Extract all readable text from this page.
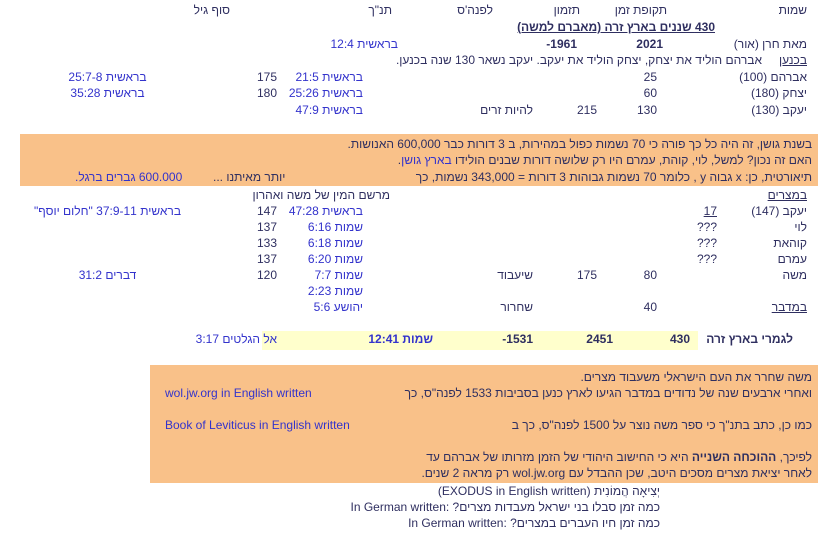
שמות
תקופת זמן
תזמון
לפנה'ס
תנ"ך
סוף גיל
430 שננים בארץ זרה (מאברם למשה)
מאת חרן (אור)
2021
-1961
בראשית 12:4
בכנען
אברהם הוליד את יצחק, יצחק הוליד את יעקב. יעקב נשאר 130 שנה בכנען.
אברהם (100)
25
בראשית 21:5
175
בראשית 25:7-8
יצחק (180)
60
בראשית 25:26
180
בראשית 35:28
יעקב (130)
130
215
להיות זרים
בראשית 47:9
בשנת גושן, זה היה כל כך פורה כי 70 נשמות כפול במהירות, ב 3 דורות כבר 600,000 האנושות.
האם זה נכון? למשל, לוי, קוהת, עמרם היו רק שלושה דורות שבנים הולידו בארץ גושן.
תיאורטית, כן: x גבוה y , כלומר 70 נשמות גבוהות 3 דורות = 343,000 נשמות, כך
יותר מאיתנו ...
600.000 גברים ברגל.
במצרים
מרשם המין של משה ואהרון
יעקב (147)
17
בראשית 47:28
147
בראשית 37:9-11 "חלום יוסף"
לוי
???
שמות 6:16
137
קוהאת
???
שמות 6:18
133
עמרם
???
שמות 6:20
137
משה
80
175
שיעבוד
שמות 7:7
120
דברים 31:2
שמות 2:23
במדבר
40
שחרור
יהושע 5:6
לגמרי בארץ זרה
430
2451
-1531
שמות 12:41
אל הגלטים 3:17
משה שחרר את העם הישראלי משעבוד מצרים.
ואחרי ארבעים שנה של נדודים במדבר הגיעו לארץ כנען בסביבות 1533 לפנה"ס, כך
wol.jw.org in English written
כמו כן, כתב בתנ"ך כי ספר משה נוצר על 1500 לפנה"ס, כך ב
Book of Leviticus in English written
לפיכך, ההוכחה השנייה היא כי החישוב היהודי של הזמן מזרותו של אברהם עד
לאחר יציאת מצרים מסכים היטב, שכן ההבדל עם wol.jw.org רק מראה 2 שנים.
יְצִיאָה הֲמוֹנִית (EXODUS in English written)
כמה זמן סבלו בני ישראל מעבדות מצרים? In German written:
כמה זמן חיו העברים במצרים? In German written:
